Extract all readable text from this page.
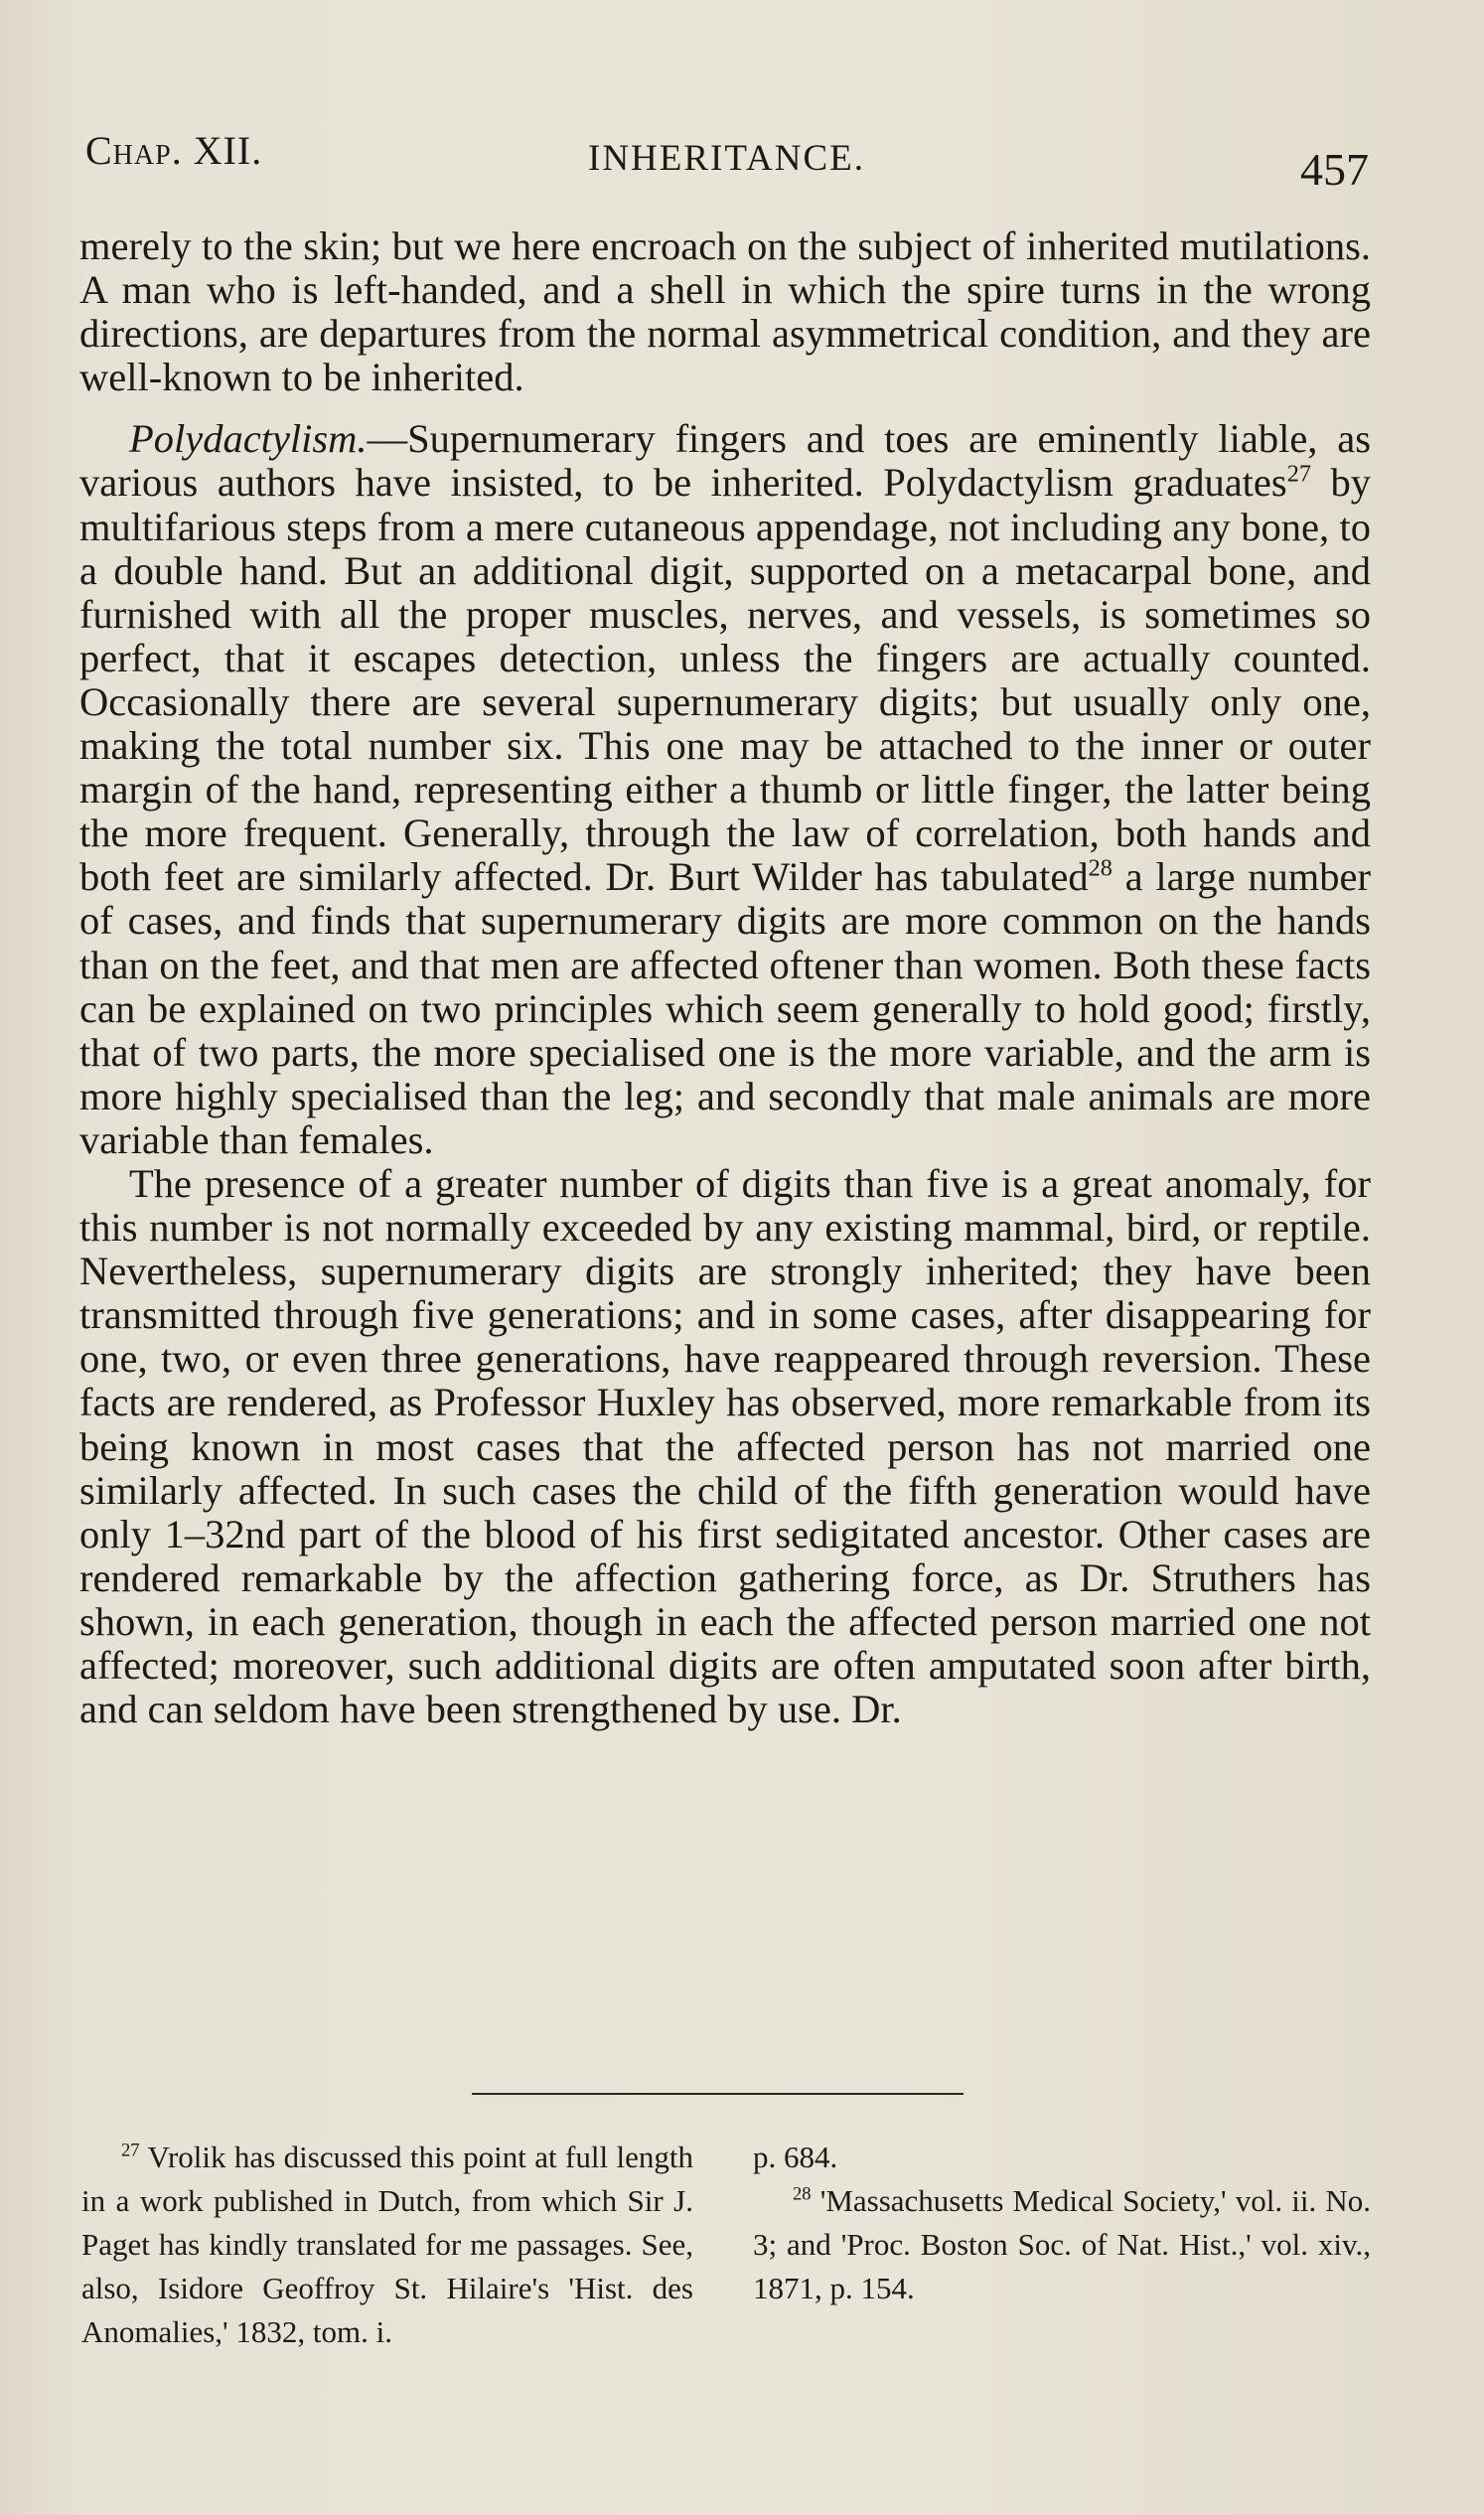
Chap. XII.	INHERITANCE.	457

merely to the skin; but we here encroach on the subject of inherited mutilations. A man who is left-handed, and a shell in which the spire turns in the wrong directions, are departures from the normal asymmetrical condition, and they are well-known to be inherited.

Polydactylism.—Supernumerary fingers and toes are eminently liable, as various authors have insisted, to be inherited. Polydactylism graduates$^{27}$ by multifarious steps from a mere cutaneous appendage, not including any bone, to a double hand. But an additional digit, supported on a metacarpal bone, and furnished with all the proper muscles, nerves, and vessels, is sometimes so perfect, that it escapes detection, unless the fingers are actually counted. Occasionally there are several supernumerary digits; but usually only one, making the total number six. This one may be attached to the inner or outer margin of the hand, representing either a thumb or little finger, the latter being the more frequent. Generally, through the law of correlation, both hands and both feet are similarly affected. Dr. Burt Wilder has tabulated$^{28}$ a large number of cases, and finds that supernumerary digits are more common on the hands than on the feet, and that men are affected oftener than women. Both these facts can be explained on two principles which seem generally to hold good; firstly, that of two parts, the more specialised one is the more variable, and the arm is more highly specialised than the leg; and secondly that male animals are more variable than females.

The presence of a greater number of digits than five is a great anomaly, for this number is not normally exceeded by any existing mammal, bird, or reptile. Nevertheless, supernumerary digits are strongly inherited; they have been transmitted through five generations; and in some cases, after disappearing for one, two, or even three generations, have reappeared through reversion. These facts are rendered, as Professor Huxley has observed, more remarkable from its being known in most cases that the affected person has not married one similarly affected. In such cases the child of the fifth generation would have only 1–32nd part of the blood of his first sedigitated ancestor. Other cases are rendered remarkable by the affection gathering force, as Dr. Struthers has shown, in each generation, though in each the affected person married one not affected; moreover, such additional digits are often amputated soon after birth, and can seldom have been strengthened by use. Dr.

$^{27}$ Vrolik has discussed this point at full length in a work published in Dutch, from which Sir J. Paget has kindly translated for me passages. See, also, Isidore Geoffroy St. Hilaire's 'Hist. des Anomalies,' 1832, tom. i.

p. 684.

$^{28}$ 'Massachusetts Medical Society,' vol. ii. No. 3; and 'Proc. Boston Soc. of Nat. Hist.,' vol. xiv., 1871, p. 154.
